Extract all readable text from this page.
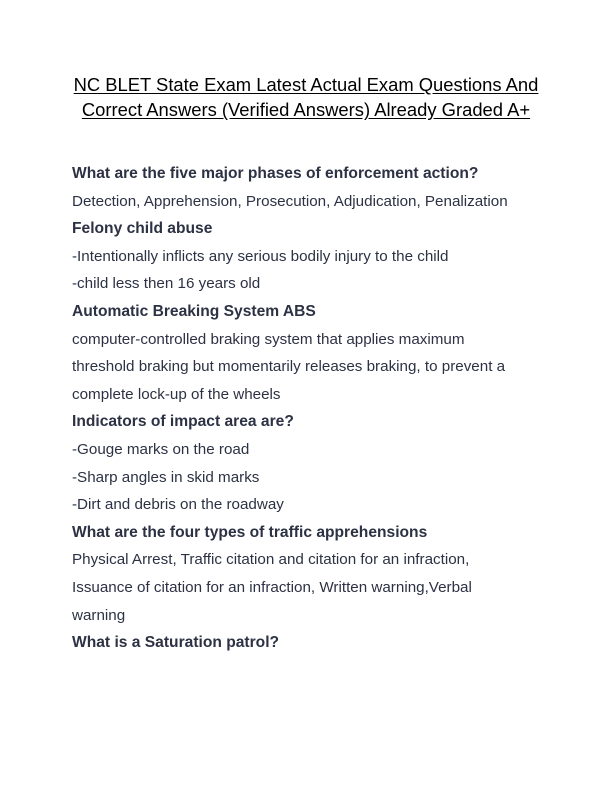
NC BLET State Exam Latest Actual Exam Questions And
Correct Answers (Verified Answers) Already Graded A+

What are the five major phases of enforcement action?

Detection, Apprehension, Prosecution, Adjudication, Penalization

Felony child abuse

-Intentionally inflicts any serious bodily injury to the child
-child less then 16 years old

Automatic Breaking System ABS

computer-controlled braking system that applies maximum
threshold braking but momentarily releases braking, to prevent a
complete lock-up of the wheels

Indicators of impact area are?

-Gouge marks on the road
-Sharp angles in skid marks
-Dirt and debris on the roadway

What are the four types of traffic apprehensions

Physical Arrest, Traffic citation and citation for an infraction,
Issuance of citation for an infraction, Written warning,Verbal
warning

What is a Saturation patrol?
